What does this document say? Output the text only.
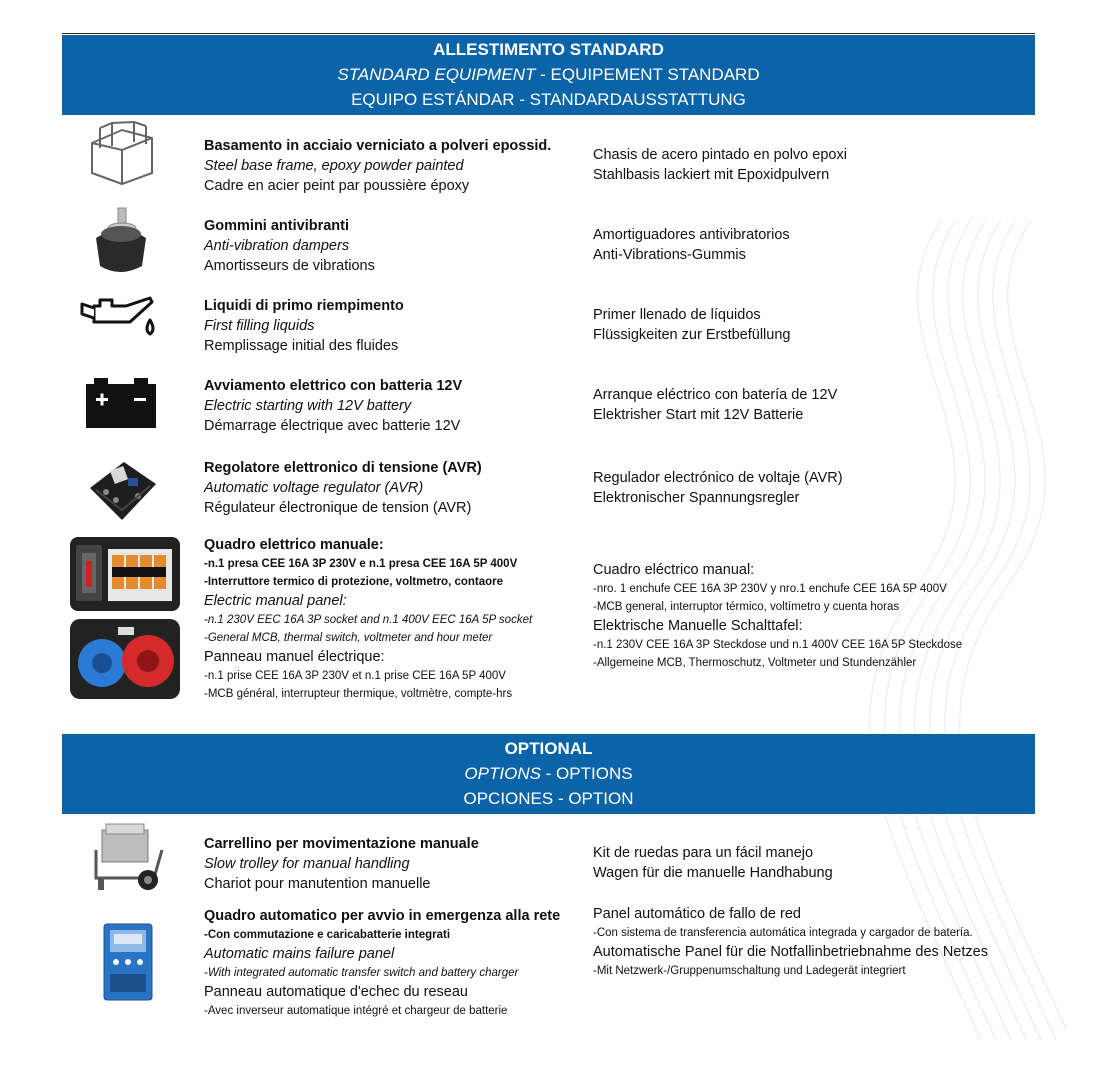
ALLESTIMENTO STANDARD
STANDARD EQUIPMENT - EQUIPEMENT STANDARD
EQUIPO ESTÁNDAR - STANDARDAUSSTATTUNG
Basamento in acciaio verniciato a polveri epossid.
Steel base frame, epoxy powder painted
Cadre en acier peint par poussière époxy
Chasis de acero pintado en polvo epoxi
Stahlbasis lackiert mit Epoxidpulvern
Gommini antivibranti
Anti-vibration dampers
Amortisseurs de vibrations
Amortiguadores antivibratorios
Anti-Vibrations-Gummis
Liquidi di primo riempimento
First filling liquids
Remplissage initial des fluides
Primer llenado de líquidos
Flüssigkeiten zur Erstbefüllung
Avviamento elettrico con batteria 12V
Electric starting with 12V battery
Démarrage électrique avec batterie 12V
Arranque eléctrico con batería de 12V
Elektrisher Start mit 12V Batterie
Regolatore elettronico di tensione (AVR)
Automatic voltage regulator (AVR)
Régulateur électronique de tension (AVR)
Regulador electrónico de voltaje (AVR)
Elektronischer Spannungsregler
Quadro elettrico manuale:
-n.1 presa CEE 16A 3P 230V e n.1 presa CEE 16A 5P 400V
-Interruttore termico di protezione, voltmetro, contaore
Electric manual panel:
-n.1 230V EEC 16A 3P socket and n.1 400V EEC 16A 5P socket
-General MCB, thermal switch, voltmeter and hour meter
Panneau manuel électrique:
-n.1 prise CEE 16A 3P 230V et n.1 prise CEE 16A 5P 400V
-MCB général, interrupteur thermique, voltmètre, compte-hrs
Cuadro eléctrico manual:
-nro. 1 enchufe CEE 16A 3P 230V y nro.1 enchufe CEE 16A 5P 400V
-MCB general, interruptor térmico, voltímetro y cuenta horas
Elektrische Manuelle Schalttafel:
-n.1 230V CEE 16A 3P Steckdose und n.1 400V CEE 16A 5P Steckdose
-Allgemeine MCB, Thermoschutz, Voltmeter und Stundenzähler
OPTIONAL
OPTIONS - OPTIONS
OPCIONES - OPTION
Carrellino per movimentazione manuale
Slow trolley for manual handling
Chariot pour manutention manuelle
Kit de ruedas para un fácil manejo
Wagen für die manuelle Handhabung
Quadro automatico per avvio in emergenza alla rete
-Con commutazione e caricabatterie integrati
Automatic mains failure panel
-With integrated automatic transfer switch and battery charger
Panneau automatique d'echec du reseau
-Avec inverseur automatique intégré et chargeur de batterie
Panel automático de fallo de red
-Con sistema de transferencia automática integrada y cargador de batería.
Automatische Panel für die Notfallinbetriebnahme des Netzes
-Mit Netzwerk-/Gruppenumschaltung und Ladegerät integriert
